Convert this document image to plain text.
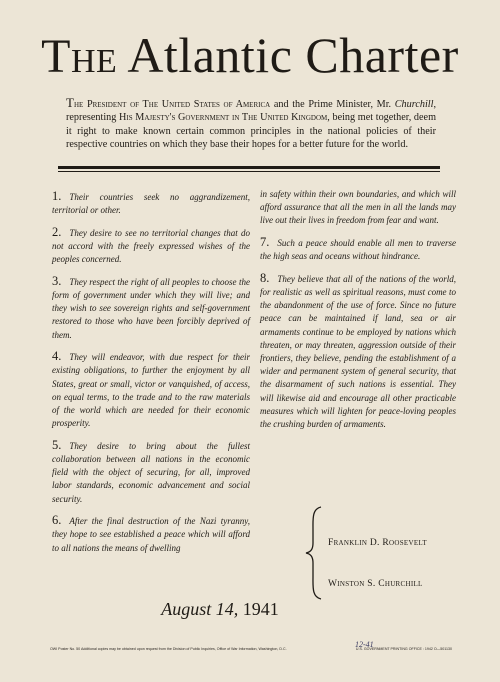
The Atlantic Charter
The President of The United States of America and the Prime Minister, Mr. Churchill, representing His Majesty's Government in The United Kingdom, being met together, deem it right to make known certain common principles in the national policies of their respective countries on which they base their hopes for a better future for the world.

1. Their countries seek no aggrandizement, territorial or other.

2. They desire to see no territorial changes that do not accord with the freely expressed wishes of the peoples concerned.

3. They respect the right of all peoples to choose the form of government under which they will live; and they wish to see sovereign rights and self-government restored to those who have been forcibly deprived of them.

4. They will endeavor, with due respect for their existing obligations, to further the enjoyment by all States, great or small, victor or vanquished, of access, on equal terms, to the trade and to the raw materials of the world which are needed for their economic prosperity.

5. They desire to bring about the fullest collaboration between all nations in the economic field with the object of securing, for all, improved labor standards, economic advancement and social security.

6. After the final destruction of the Nazi tyranny, they hope to see established a peace which will afford to all nations the means of dwelling

in safety within their own boundaries, and which will afford assurance that all the men in all the lands may live out their lives in freedom from fear and want.

7. Such a peace should enable all men to traverse the high seas and oceans without hindrance.

8. They believe that all of the nations of the world, for realistic as well as spiritual reasons, must come to the abandonment of the use of force. Since no future peace can be maintained if land, sea or air armaments continue to be employed by nations which threaten, or may threaten, aggression outside of their frontiers, they believe, pending the establishment of a wider and permanent system of general security, that the disarmament of such nations is essential. They will likewise aid and encourage all other practicable measures which will lighten for peace-loving peoples the crushing burden of armaments.

August 14, 1941
Franklin D. Roosevelt
Winston S. Churchill
OWI Poster No. 50 Additional copies may be obtained upon request from the Division of Public Inquiries, Office of War Information, Washington, D.C.	12-41
U.S. GOVERNMENT PRINTING OFFICE : 1942 O—501130
